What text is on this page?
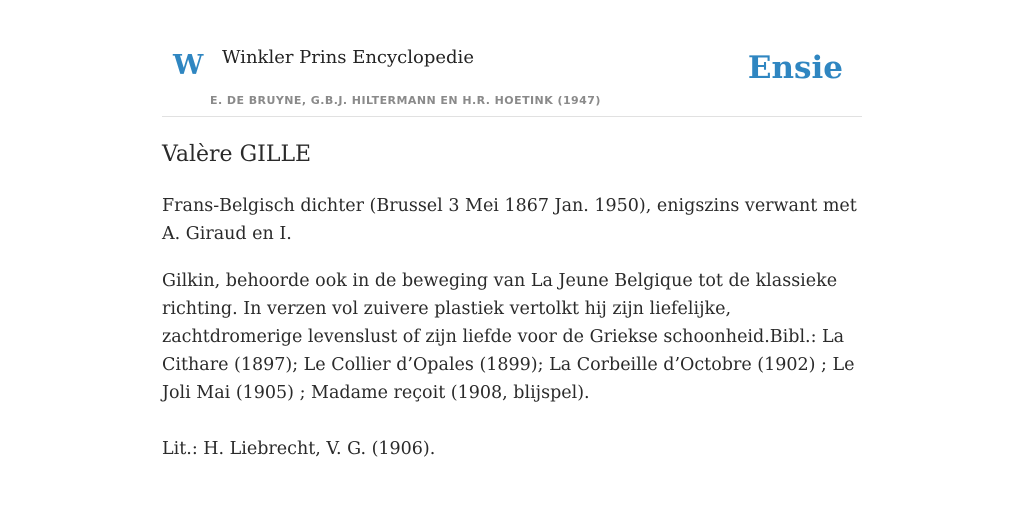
W Winkler Prins Encyclopedie
E. DE BRUYNE, G.B.J. HILTERMANN EN H.R. HOETINK (1947)
Ensie
Valère GILLE

Frans-Belgisch dichter (Brussel 3 Mei 1867 Jan. 1950), enigszins verwant met A. Giraud en I.

Gilkin, behoorde ook in de beweging van La Jeune Belgique tot de klassieke richting. In verzen vol zuivere plastiek vertolkt hij zijn liefelijke, zachtdromerige levenslust of zijn liefde voor de Griekse schoonheid.Bibl.: La Cithare (1897); Le Collier d’Opales (1899); La Corbeille d’Octobre (1902) ; Le Joli Mai (1905) ; Madame reçoit (1908, blijspel).

Lit.: H. Liebrecht, V. G. (1906).
